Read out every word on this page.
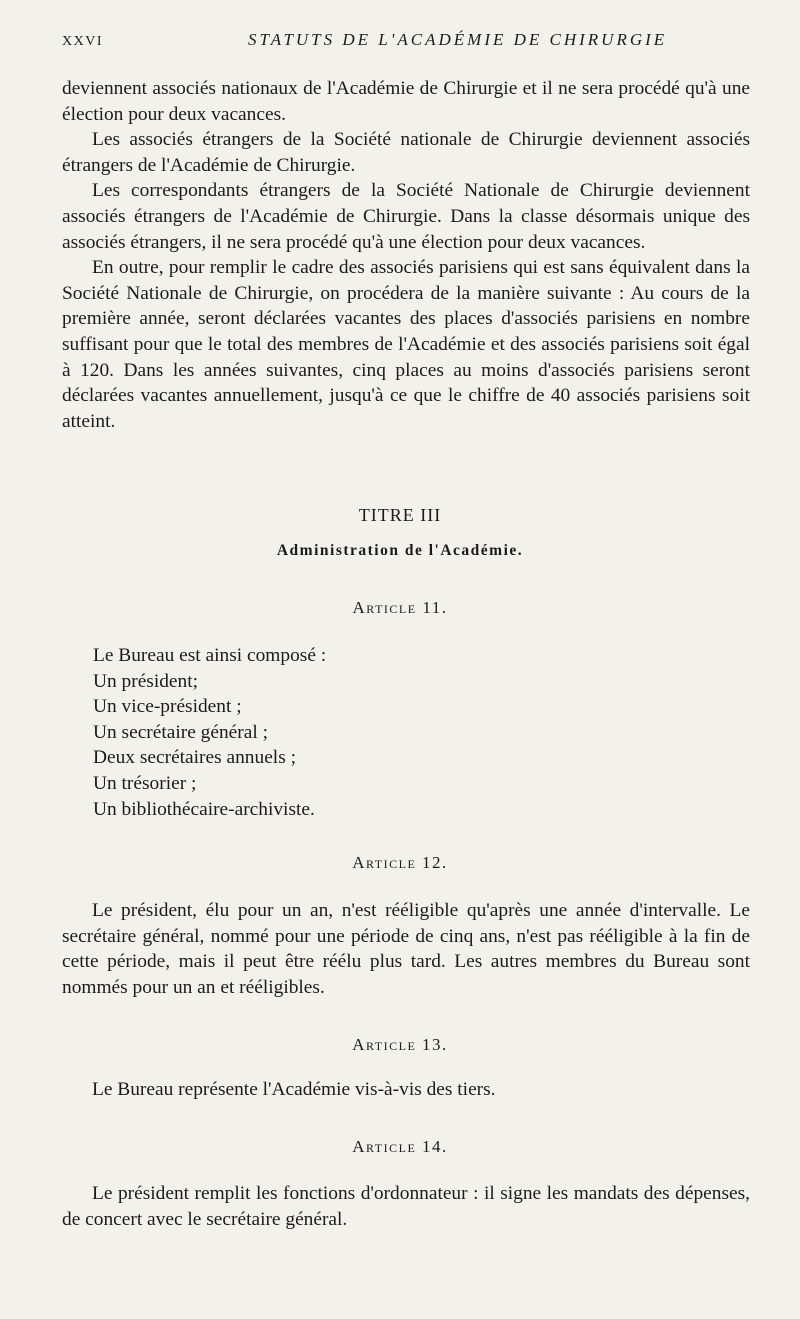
XXVI	STATUTS DE L'ACADÉMIE DE CHIRURGIE

deviennent associés nationaux de l'Académie de Chirurgie et il ne sera procédé qu'à une élection pour deux vacances.

Les associés étrangers de la Société nationale de Chirurgie deviennent associés étrangers de l'Académie de Chirurgie.

Les correspondants étrangers de la Société Nationale de Chirurgie deviennent associés étrangers de l'Académie de Chirurgie. Dans la classe désormais unique des associés étrangers, il ne sera procédé qu'à une élection pour deux vacances.

En outre, pour remplir le cadre des associés parisiens qui est sans équivalent dans la Société Nationale de Chirurgie, on procédera de la manière suivante : Au cours de la première année, seront déclarées vacantes des places d'associés parisiens en nombre suffisant pour que le total des membres de l'Académie et des associés parisiens soit égal à 120. Dans les années suivantes, cinq places au moins d'associés parisiens seront déclarées vacantes annuellement, jusqu'à ce que le chiffre de 40 associés parisiens soit atteint.

TITRE III
Administration de l'Académie.
Article 11.
Le Bureau est ainsi composé :
Un président;
Un vice-président ;
Un secrétaire général ;
Deux secrétaires annuels ;
Un trésorier ;
Un bibliothécaire-archiviste.
Article 12.

Le président, élu pour un an, n'est rééligible qu'après une année d'intervalle. Le secrétaire général, nommé pour une période de cinq ans, n'est pas rééligible à la fin de cette période, mais il peut être réélu plus tard. Les autres membres du Bureau sont nommés pour un an et rééligibles.

Article 13.

Le Bureau représente l'Académie vis-à-vis des tiers.

Article 14.

Le président remplit les fonctions d'ordonnateur : il signe les mandats des dépenses, de concert avec le secrétaire général.
